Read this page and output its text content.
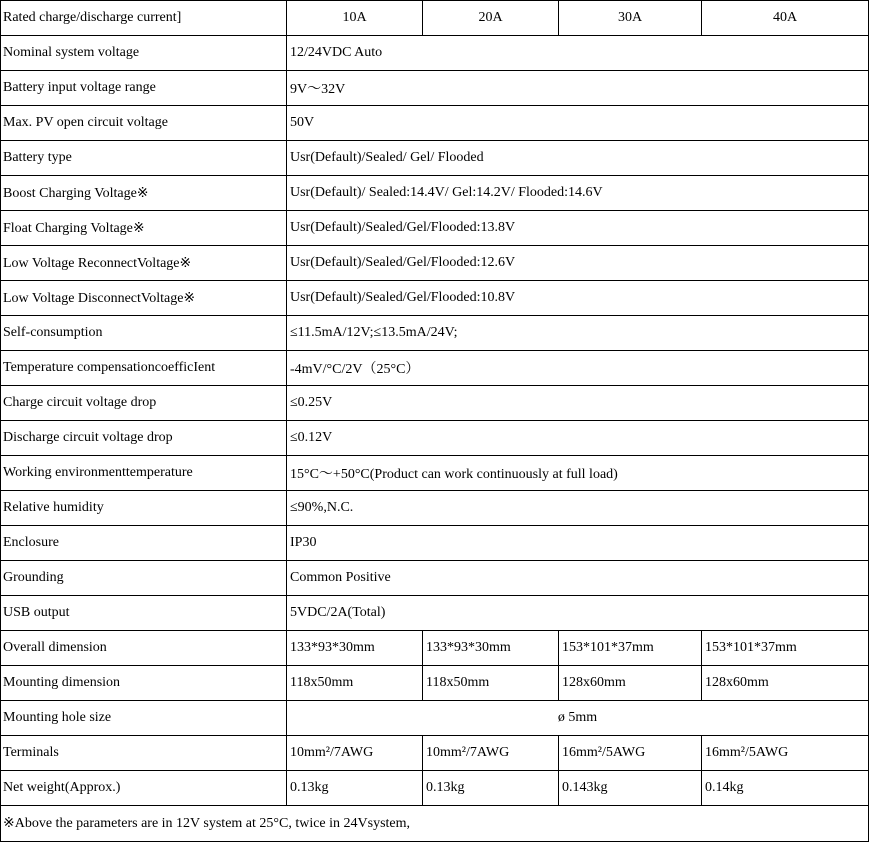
Rated charge/discharge current]	10A	20A	30A	40A
Nominal system voltage	12/24VDC Auto			
Battery input voltage range	9V～32V			
Max. PV open circuit voltage	50V			
Battery type	Usr(Default)/Sealed/ Gel/ Flooded			
Boost Charging Voltage※	Usr(Default)/ Sealed:14.4V/ Gel:14.2V/ Flooded:14.6V			
Float Charging Voltage※	Usr(Default)/Sealed/Gel/Flooded:13.8V			
Low Voltage ReconnectVoltage※	Usr(Default)/Sealed/Gel/Flooded:12.6V			
Low Voltage DisconnectVoltage※	Usr(Default)/Sealed/Gel/Flooded:10.8V			
Self-consumption	≤11.5mA/12V;≤13.5mA/24V;			
Temperature compensationcoefficIent	-4mV/°C/2V（25°C）			
Charge circuit voltage drop	≤0.25V			
Discharge circuit voltage drop	≤0.12V			
Working environmenttemperature	15°C～+50°C(Product can work continuously at full load)			
Relative humidity	≤90%,N.C.			
Enclosure	IP30			
Grounding	Common Positive			
USB output	5VDC/2A(Total)			
Overall dimension	133*93*30mm	133*93*30mm	153*101*37mm	153*101*37mm
Mounting dimension	118x50mm	118x50mm	128x60mm	128x60mm
Mounting hole size	ø 5mm			
Terminals	10mm²/7AWG	10mm²/7AWG	16mm²/5AWG	16mm²/5AWG
Net weight(Approx.)	0.13kg	0.13kg	0.143kg	0.14kg
※Above the parameters are in 12V system at 25°C, twice in 24Vsystem,				
